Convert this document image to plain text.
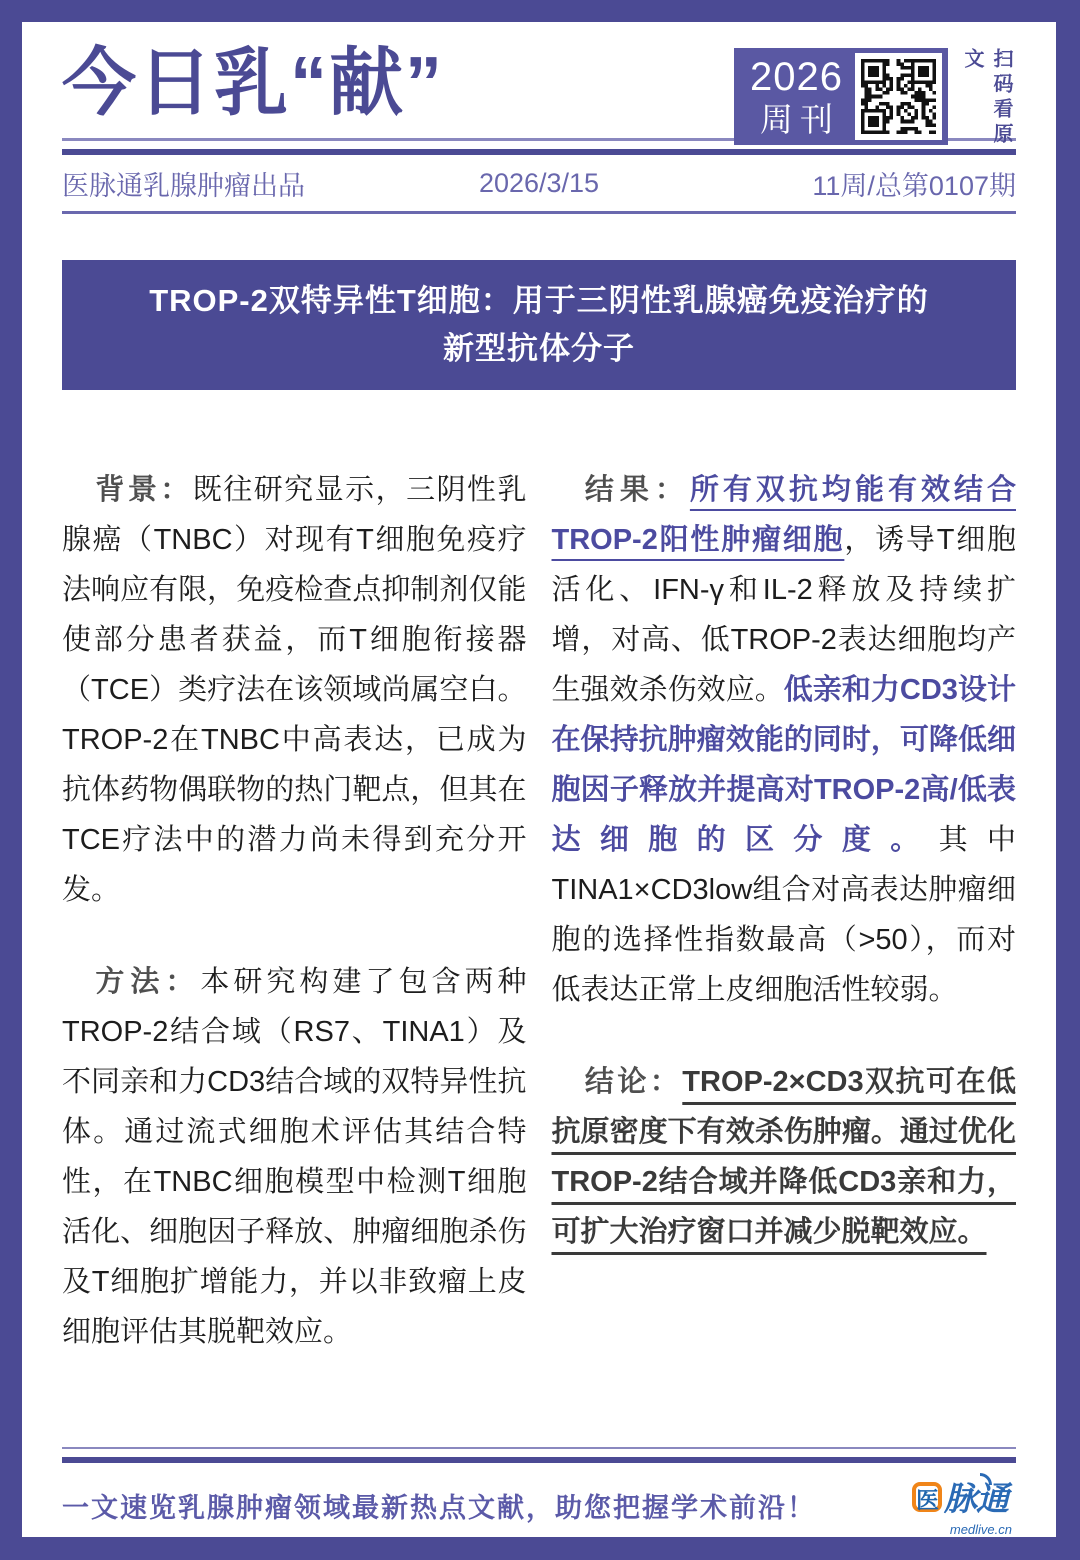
今日乳“献”	2026
周刊	扫码看原文
医脉通乳腺肿瘤出品	2026/3/15	11周/总第0107期
TROP-2双特异性T细胞：用于三阴性乳腺癌免疫治疗的
新型抗体分子

背景：既往研究显示，三阴性乳腺癌（TNBC）对现有T细胞免疫疗法响应有限，免疫检查点抑制剂仅能使部分患者获益，而T细胞衔接器（TCE）类疗法在该领域尚属空白。TROP-2在TNBC中高表达，已成为抗体药物偶联物的热门靶点，但其在TCE疗法中的潜力尚未得到充分开发。

方法：本研究构建了包含两种TROP-2结合域（RS7、TINA1）及不同亲和力CD3结合域的双特异性抗体。通过流式细胞术评估其结合特性，在TNBC细胞模型中检测T细胞活化、细胞因子释放、肿瘤细胞杀伤及T细胞扩增能力，并以非致瘤上皮细胞评估其脱靶效应。

结果：所有双抗均能有效结合TROP-2阳性肿瘤细胞，诱导T细胞活化、IFN-γ和IL-2释放及持续扩增，对高、低TROP-2表达细胞均产生强效杀伤效应。低亲和力CD3设计在保持抗肿瘤效能的同时，可降低细胞因子释放并提高对TROP-2高/低表达细胞的区分度。其中TINA1×CD3low组合对高表达肿瘤细胞的选择性指数最高（>50），而对低表达正常上皮细胞活性较弱。

结论：TROP-2×CD3双抗可在低抗原密度下有效杀伤肿瘤。通过优化TROP-2结合域并降低CD3亲和力，可扩大治疗窗口并减少脱靶效应。

一文速览乳腺肿瘤领域最新热点文献，助您把握学术前沿！	医 脉通
medlive.cn
